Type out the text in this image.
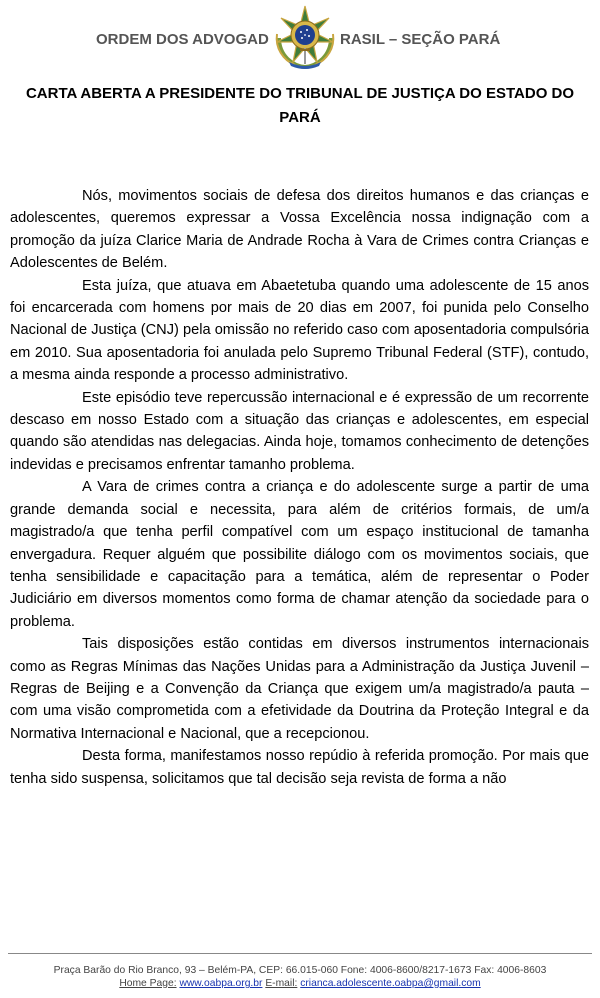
ORDEM DOS ADVOGAD	RASIL – SEÇÃO PARÁ
CARTA ABERTA A PRESIDENTE DO TRIBUNAL DE JUSTIÇA DO ESTADO DO PARÁ

Nós, movimentos sociais de defesa dos direitos humanos e das crianças e adolescentes, queremos expressar a Vossa Excelência nossa indignação com a promoção da juíza Clarice Maria de Andrade Rocha à Vara de Crimes contra Crianças e Adolescentes de Belém.

Esta juíza, que atuava em Abaetetuba quando uma adolescente de 15 anos foi encarcerada com homens por mais de 20 dias em 2007, foi punida pelo Conselho Nacional de Justiça (CNJ) pela omissão no referido caso com aposentadoria compulsória em 2010. Sua aposentadoria foi anulada pelo Supremo Tribunal Federal (STF), contudo, a mesma ainda responde a processo administrativo.

Este episódio teve repercussão internacional e é expressão de um recorrente descaso em nosso Estado com a situação das crianças e adolescentes, em especial quando são atendidas nas delegacias. Ainda hoje, tomamos conhecimento de detenções indevidas e precisamos enfrentar tamanho problema.

A Vara de crimes contra a criança e do adolescente surge a partir de uma grande demanda social e necessita, para além de critérios formais, de um/a magistrado/a que tenha perfil compatível com um espaço institucional de tamanha envergadura. Requer alguém que possibilite diálogo com os movimentos sociais, que tenha sensibilidade e capacitação para a temática, além de representar o Poder Judiciário em diversos momentos como forma de chamar atenção da sociedade para o problema.

Tais disposições estão contidas em diversos instrumentos internacionais como as Regras Mínimas das Nações Unidas para a Administração da Justiça Juvenil – Regras de Beijing e a Convenção da Criança que exigem um/a magistrado/a pauta – com uma visão comprometida com a efetividade da Doutrina da Proteção Integral e da Normativa Internacional e Nacional, que a recepcionou.

Desta forma, manifestamos nosso repúdio à referida promoção. Por mais que tenha sido suspensa, solicitamos que tal decisão seja revista de forma a não

Praça Barão do Rio Branco, 93 – Belém-PA, CEP: 66.015-060 Fone: 4006-8600/8217-1673 Fax: 4006-8603
Home Page: www.oabpa.org.br E-mail: crianca.adolescente.oabpa@gmail.com
